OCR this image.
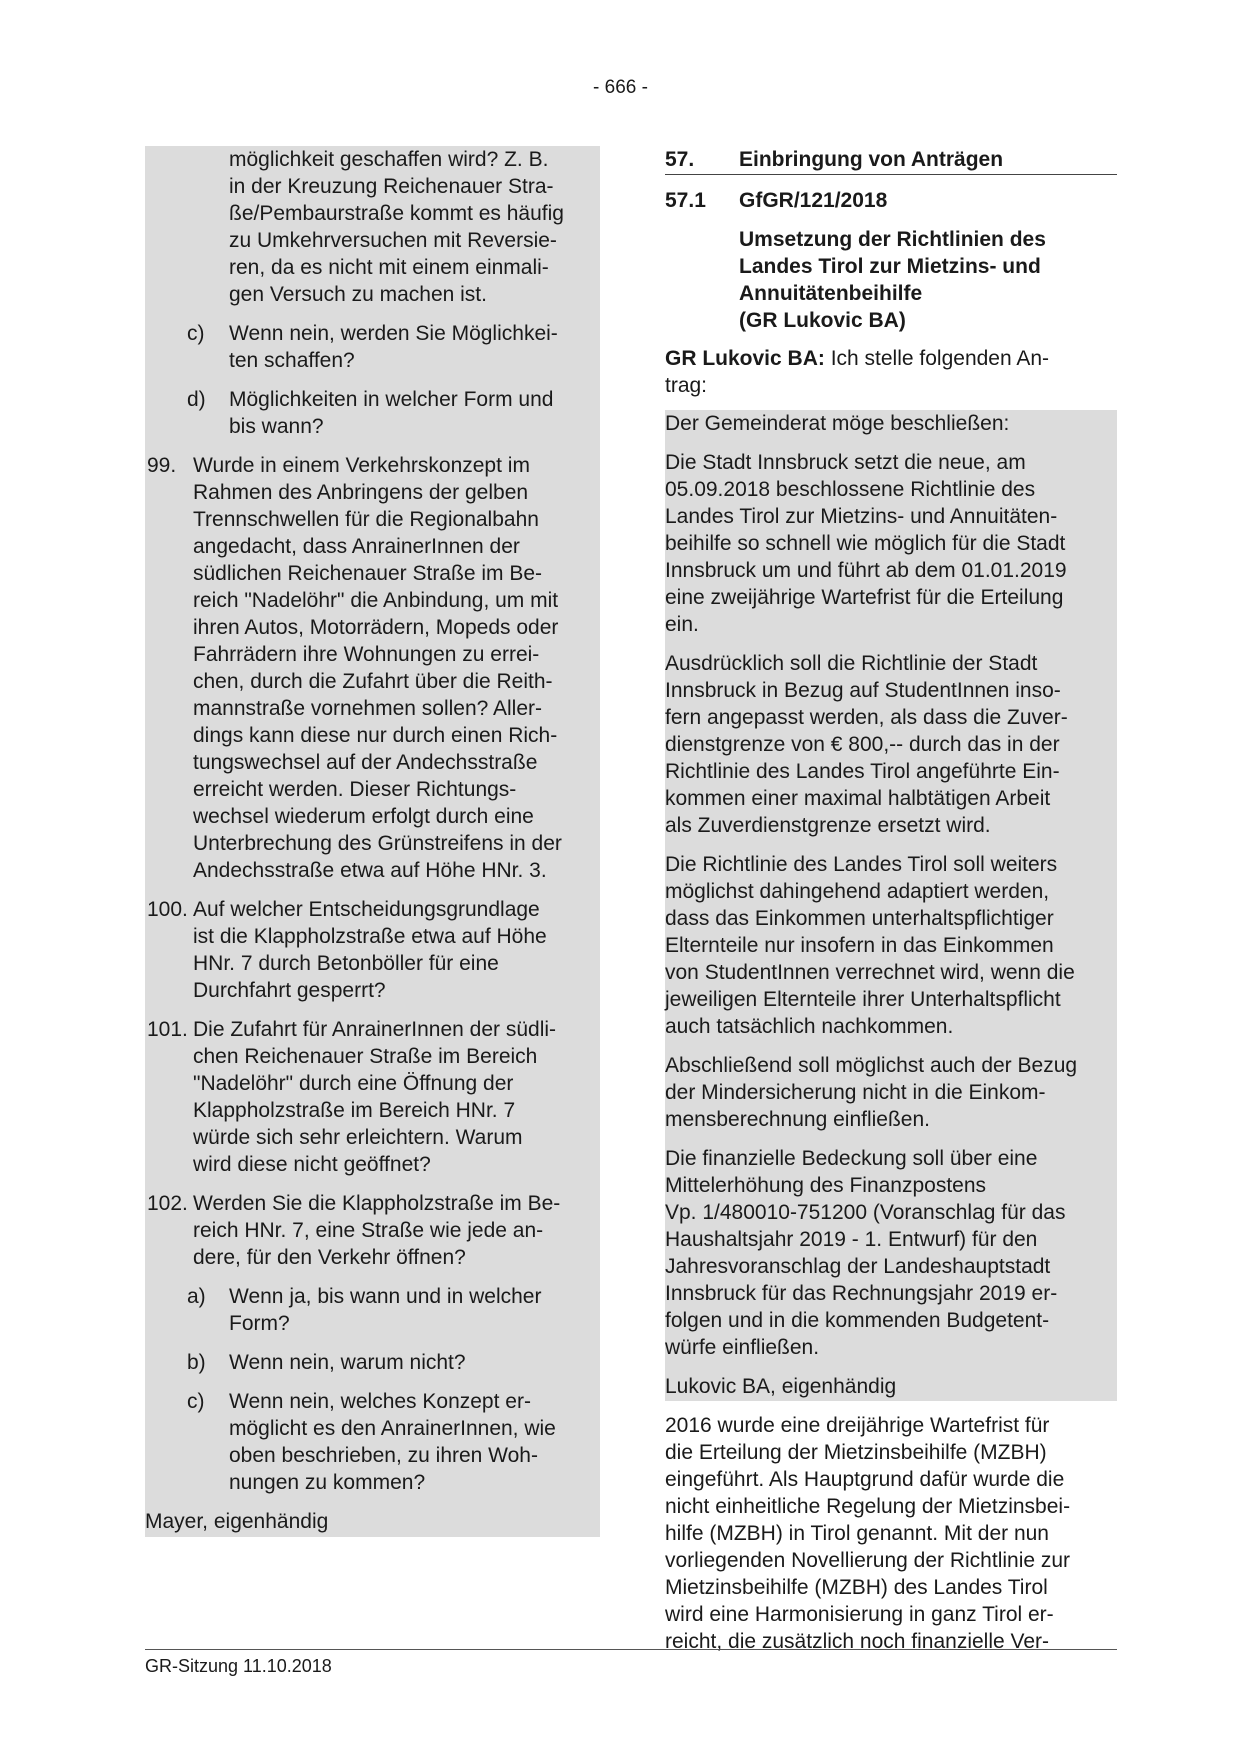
- 666 -
möglichkeit geschaffen wird? Z. B.
in der Kreuzung Reichenauer Stra-
ße/Pembaurstraße kommt es häufig
zu Umkehrversuchen mit Reversie-
ren, da es nicht mit einem einmali-
gen Versuch zu machen ist.
c)	Wenn nein, werden Sie Möglichkei-
ten schaffen?
d)	Möglichkeiten in welcher Form und
bis wann?
99. Wurde in einem Verkehrskonzept im
Rahmen des Anbringens der gelben
Trennschwellen für die Regionalbahn
angedacht, dass AnrainerInnen der
südlichen Reichenauer Straße im Be-
reich "Nadelöhr" die Anbindung, um mit
ihren Autos, Motorrädern, Mopeds oder
Fahrrädern ihre Wohnungen zu errei-
chen, durch die Zufahrt über die Reith-
mannstraße vornehmen sollen? Aller-
dings kann diese nur durch einen Rich-
tungswechsel auf der Andechsstraße
erreicht werden. Dieser Richtungs-
wechsel wiederum erfolgt durch eine
Unterbrechung des Grünstreifens in der
Andechsstraße etwa auf Höhe HNr. 3.
100. Auf welcher Entscheidungsgrundlage
ist die Klappholzstraße etwa auf Höhe
HNr. 7 durch Betonböller für eine
Durchfahrt gesperrt?
101. Die Zufahrt für AnrainerInnen der südli-
chen Reichenauer Straße im Bereich
"Nadelöhr" durch eine Öffnung der
Klappholzstraße im Bereich HNr. 7
würde sich sehr erleichtern. Warum
wird diese nicht geöffnet?
102. Werden Sie die Klappholzstraße im Be-
reich HNr. 7, eine Straße wie jede an-
dere, für den Verkehr öffnen?
a)	Wenn ja, bis wann und in welcher
Form?
b)	Wenn nein, warum nicht?
c)	Wenn nein, welches Konzept er-
möglicht es den AnrainerInnen, wie
oben beschrieben, zu ihren Woh-
nungen zu kommen?

Mayer, eigenhändig

57.	Einbringung von Anträgen
57.1	GfGR/121/2018
Umsetzung der Richtlinien des
Landes Tirol zur Mietzins- und
Annuitätenbeihilfe
(GR Lukovic BA)

GR Lukovic BA: Ich stelle folgenden An-
trag:

Der Gemeinderat möge beschließen:

Die Stadt Innsbruck setzt die neue, am
05.09.2018 beschlossene Richtlinie des
Landes Tirol zur Mietzins- und Annuitäten-
beihilfe so schnell wie möglich für die Stadt
Innsbruck um und führt ab dem 01.01.2019
eine zweijährige Wartefrist für die Erteilung
ein.

Ausdrücklich soll die Richtlinie der Stadt
Innsbruck in Bezug auf StudentInnen inso-
fern angepasst werden, als dass die Zuver-
dienstgrenze von € 800,-- durch das in der
Richtlinie des Landes Tirol angeführte Ein-
kommen einer maximal halbtätigen Arbeit
als Zuverdienstgrenze ersetzt wird.

Die Richtlinie des Landes Tirol soll weiters
möglichst dahingehend adaptiert werden,
dass das Einkommen unterhaltspflichtiger
Elternteile nur insofern in das Einkommen
von StudentInnen verrechnet wird, wenn die
jeweiligen Elternteile ihrer Unterhaltspflicht
auch tatsächlich nachkommen.

Abschließend soll möglichst auch der Bezug
der Mindersicherung nicht in die Einkom-
mensberechnung einfließen.

Die finanzielle Bedeckung soll über eine
Mittelerhöhung des Finanzpostens
Vp. 1/480010-751200 (Voranschlag für das
Haushaltsjahr 2019 - 1. Entwurf) für den
Jahresvoranschlag der Landeshauptstadt
Innsbruck für das Rechnungsjahr 2019 er-
folgen und in die kommenden Budgetent-
würfe einfließen.

Lukovic BA, eigenhändig

2016 wurde eine dreijährige Wartefrist für
die Erteilung der Mietzinsbeihilfe (MZBH)
eingeführt. Als Hauptgrund dafür wurde die
nicht einheitliche Regelung der Mietzinsbei-
hilfe (MZBH) in Tirol genannt. Mit der nun
vorliegenden Novellierung der Richtlinie zur
Mietzinsbeihilfe (MZBH) des Landes Tirol
wird eine Harmonisierung in ganz Tirol er-
reicht, die zusätzlich noch finanzielle Ver-

GR-Sitzung 11.10.2018
